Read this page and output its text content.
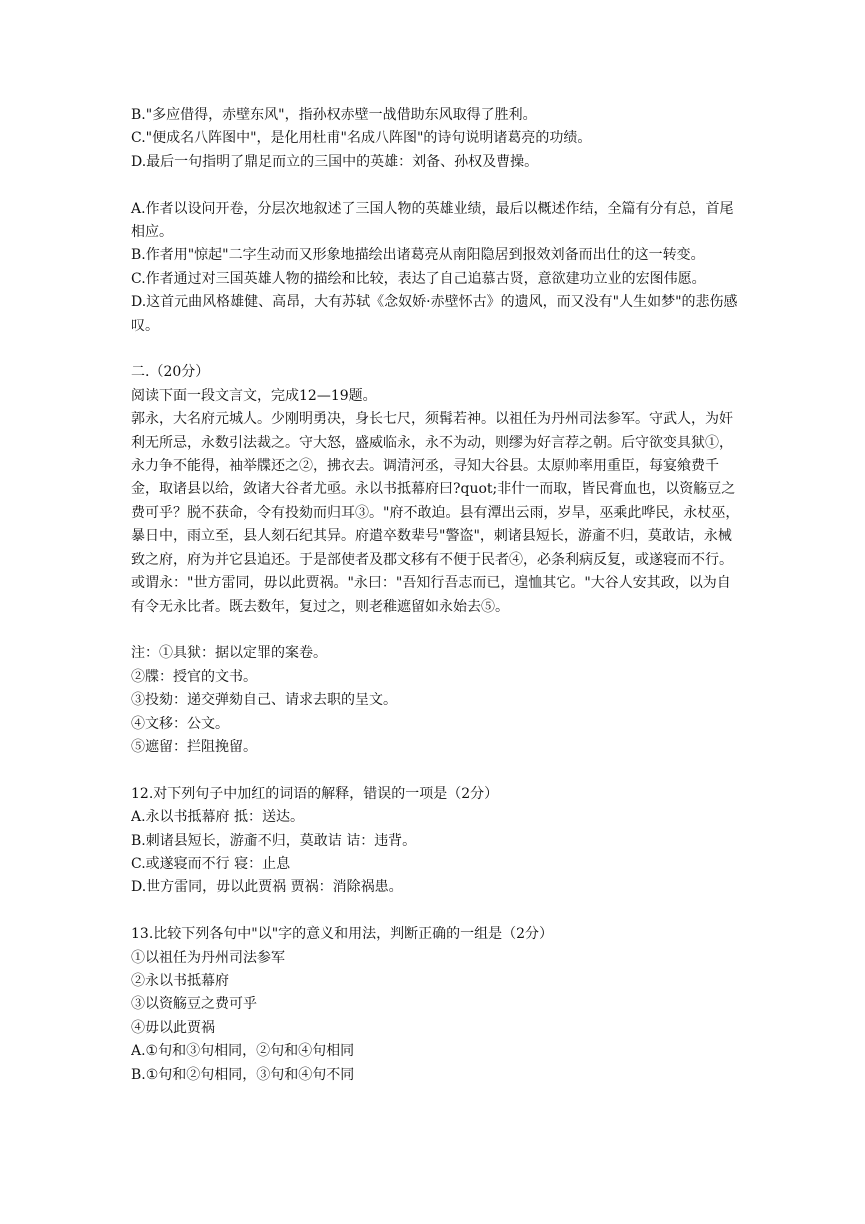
B."多应借得，赤壁东风"，指孙权赤壁一战借助东风取得了胜利。
C."便成名八阵图中"，是化用杜甫"名成八阵图"的诗句说明诸葛亮的功绩。
D.最后一句指明了鼎足而立的三国中的英雄：刘备、孙权及曹操。
A.作者以设问开卷，分层次地叙述了三国人物的英雄业绩，最后以概述作结，全篇有分有总，首尾相应。
B.作者用"惊起"二字生动而又形象地描绘出诸葛亮从南阳隐居到报效刘备而出仕的这一转变。
C.作者通过对三国英雄人物的描绘和比较，表达了自己追慕古贤，意欲建功立业的宏图伟愿。
D.这首元曲风格雄健、高昂，大有苏轼《念奴娇·赤壁怀古》的遗风，而又没有"人生如梦"的悲伤感叹。
二.（20分）
阅读下面一段文言文，完成12—19题。
郭永，大名府元城人。少刚明勇决，身长七尺，须髯若神。以祖任为丹州司法参军。守武人，为奸利无所忌，永数引法裁之。守大怒，盛威临永，永不为动，则缪为好言荐之朝。后守欲变具狱①，永力争不能得，袖举牒还之②，拂衣去。调清河丞，寻知大谷县。太原帅率用重臣，每宴飨费千金，取诸县以给，敛诸大谷者尤亟。永以书抵幕府曰?quot;非什一而取，皆民膏血也，以资觞豆之费可乎？脱不获命，令有投劾而归耳③。"府不敢迫。县有潭出云雨，岁旱，巫乘此哗民，永杖巫，暴日中，雨立至，县人刻石纪其异。府遣卒数辈号"警盗"，刺诸县短长，游齑不归，莫敢诘，永械致之府，府为并它县追还。于是部使者及郡文移有不便于民者④，必条利病反复，或遂寝而不行。或谓永："世方雷同，毋以此贾祸。"永曰："吾知行吾志而已，遑恤其它。"大谷人安其政，以为自有令无永比者。既去数年，复过之，则老稚遮留如永始去⑤。
注：①具狱：据以定罪的案卷。
②牒：授官的文书。
③投劾：递交弹劾自己、请求去职的呈文。
④文移：公文。
⑤遮留：拦阻挽留。
12.对下列句子中加红的词语的解释，错误的一项是（2分）
A.永以书抵幕府 抵：送达。
B.刺诸县短长，游齑不归，莫敢诘 诘：违背。
C.或遂寝而不行 寝：止息
D.世方雷同，毋以此贾祸 贾祸：消除祸患。
13.比较下列各句中"以"字的意义和用法，判断正确的一组是（2分）
①以祖任为丹州司法参军
②永以书抵幕府
③以资觞豆之费可乎
④毋以此贾祸
A.①句和③句相同，②句和④句相同
B.①句和②句相同，③句和④句不同
